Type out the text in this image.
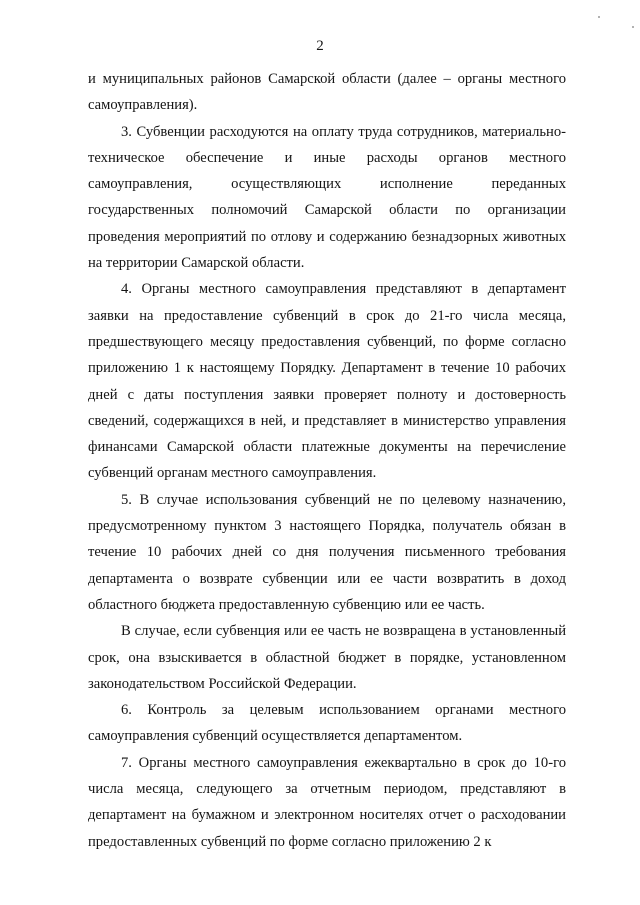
2

и муниципальных районов Самарской области (далее – органы местного самоуправления).

3. Субвенции расходуются на оплату труда сотрудников, материально-техническое обеспечение и иные расходы органов местного самоуправления, осуществляющих исполнение переданных государственных полномочий Самарской области по организации проведения мероприятий по отлову и содержанию безнадзорных животных на территории Самарской области.

4. Органы местного самоуправления представляют в департамент заявки на предоставление субвенций в срок до 21-го числа месяца, предшествующего месяцу предоставления субвенций, по форме согласно приложению 1 к настоящему Порядку. Департамент в течение 10 рабочих дней с даты поступления заявки проверяет полноту и достоверность сведений, содержащихся в ней, и представляет в министерство управления финансами Самарской области платежные документы на перечисление субвенций органам местного самоуправления.

5. В случае использования субвенций не по целевому назначению, предусмотренному пунктом 3 настоящего Порядка, получатель обязан в течение 10 рабочих дней со дня получения письменного требования департамента о возврате субвенции или ее части возвратить в доход областного бюджета предоставленную субвенцию или ее часть.

В случае, если субвенция или ее часть не возвращена в установленный срок, она взыскивается в областной бюджет в порядке, установленном законодательством Российской Федерации.

6. Контроль за целевым использованием органами местного самоуправления субвенций осуществляется департаментом.

7. Органы местного самоуправления ежеквартально в срок до 10-го числа месяца, следующего за отчетным периодом, представляют в департамент на бумажном и электронном носителях отчет о расходовании предоставленных субвенций по форме согласно приложению 2 к
